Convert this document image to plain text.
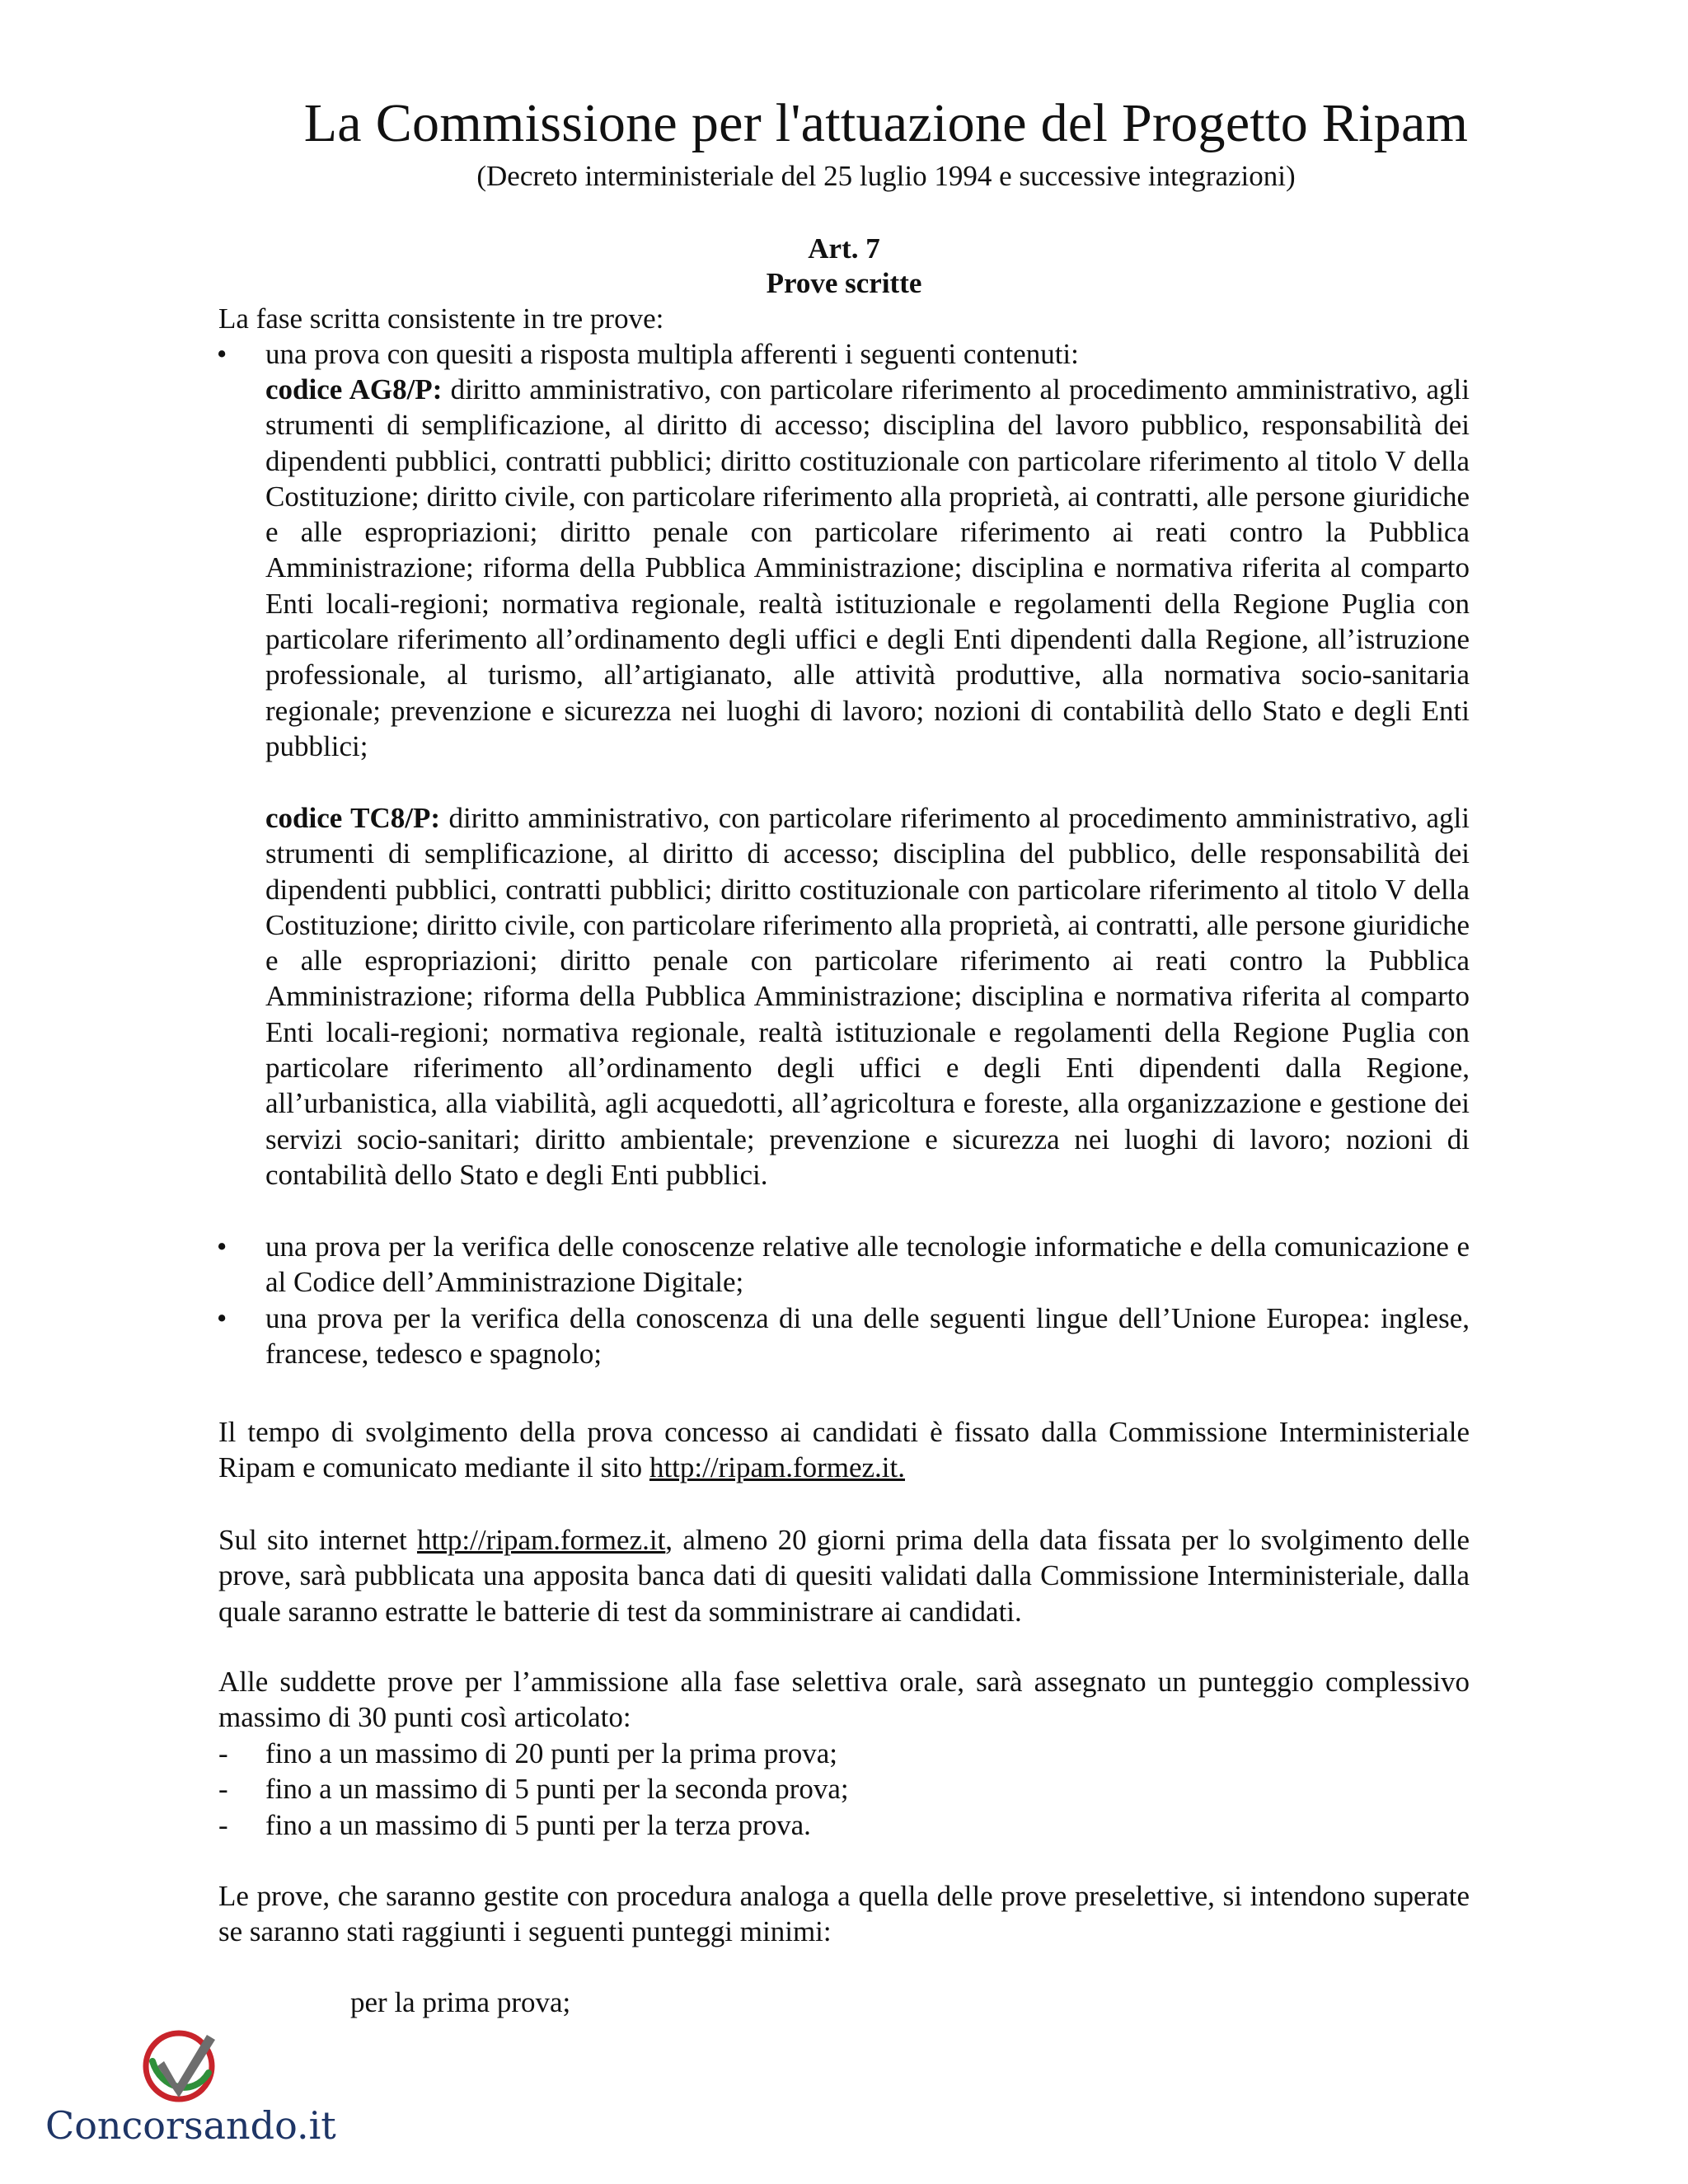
La Commissione per l'attuazione del Progetto Ripam
(Decreto interministeriale del 25 luglio 1994 e successive integrazioni)
Art. 7
Prove scritte
La fase scritta consistente in tre prove:
• una prova con quesiti a risposta multipla afferenti i seguenti contenuti:
codice AG8/P: diritto amministrativo, con particolare riferimento al procedimento amministrativo, agli strumenti di semplificazione, al diritto di accesso; disciplina del lavoro pubblico, responsabilità dei dipendenti pubblici, contratti pubblici; diritto costituzionale con particolare riferimento al titolo V della Costituzione; diritto civile, con particolare riferimento alla proprietà, ai contratti, alle persone giuridiche e alle espropriazioni; diritto penale con particolare riferimento ai reati contro la Pubblica Amministrazione; riforma della Pubblica Amministrazione; disciplina e normativa riferita al comparto Enti locali-regioni; normativa regionale, realtà istituzionale e regolamenti della Regione Puglia con particolare riferimento all’ordinamento degli uffici e degli Enti dipendenti dalla Regione, all’istruzione professionale, al turismo, all’artigianato, alle attività produttive, alla normativa socio-sanitaria regionale; prevenzione e sicurezza nei luoghi di lavoro; nozioni di contabilità dello Stato e degli Enti pubblici;
codice TC8/P: diritto amministrativo, con particolare riferimento al procedimento amministrativo, agli strumenti di semplificazione, al diritto di accesso; disciplina del pubblico, delle responsabilità dei dipendenti pubblici, contratti pubblici; diritto costituzionale con particolare riferimento al titolo V della Costituzione; diritto civile, con particolare riferimento alla proprietà, ai contratti, alle persone giuridiche e alle espropriazioni; diritto penale con particolare riferimento ai reati contro la Pubblica Amministrazione; riforma della Pubblica Amministrazione; disciplina e normativa riferita al comparto Enti locali-regioni; normativa regionale, realtà istituzionale e regolamenti della Regione Puglia con particolare riferimento all’ordinamento degli uffici e degli Enti dipendenti dalla Regione, all’urbanistica, alla viabilità, agli acquedotti, all’agricoltura e foreste, alla organizzazione e gestione dei servizi socio-sanitari; diritto ambientale; prevenzione e sicurezza nei luoghi di lavoro; nozioni di contabilità dello Stato e degli Enti pubblici.
• una prova per la verifica delle conoscenze relative alle tecnologie informatiche e della comunicazione e al Codice dell’Amministrazione Digitale;
• una prova per la verifica della conoscenza di una delle seguenti lingue dell’Unione Europea: inglese, francese, tedesco e spagnolo;
Il tempo di svolgimento della prova concesso ai candidati è fissato dalla Commissione Interministeriale Ripam e comunicato mediante il sito http://ripam.formez.it.
Sul sito internet http://ripam.formez.it, almeno 20 giorni prima della data fissata per lo svolgimento delle prove, sarà pubblicata una apposita banca dati di quesiti validati dalla Commissione Interministeriale, dalla quale saranno estratte le batterie di test da somministrare ai candidati.
Alle suddette prove per l’ammissione alla fase selettiva orale, sarà assegnato un punteggio complessivo massimo di 30 punti così articolato:
- fino a un massimo di 20 punti per la prima prova;
- fino a un massimo di 5 punti per la seconda prova;
- fino a un massimo di 5 punti per la terza prova.
Le prove, che saranno gestite con procedura analoga a quella delle prove preselettive, si intendono superate se saranno stati raggiunti i seguenti punteggi minimi:
per la prima prova;
Concorsando.it
